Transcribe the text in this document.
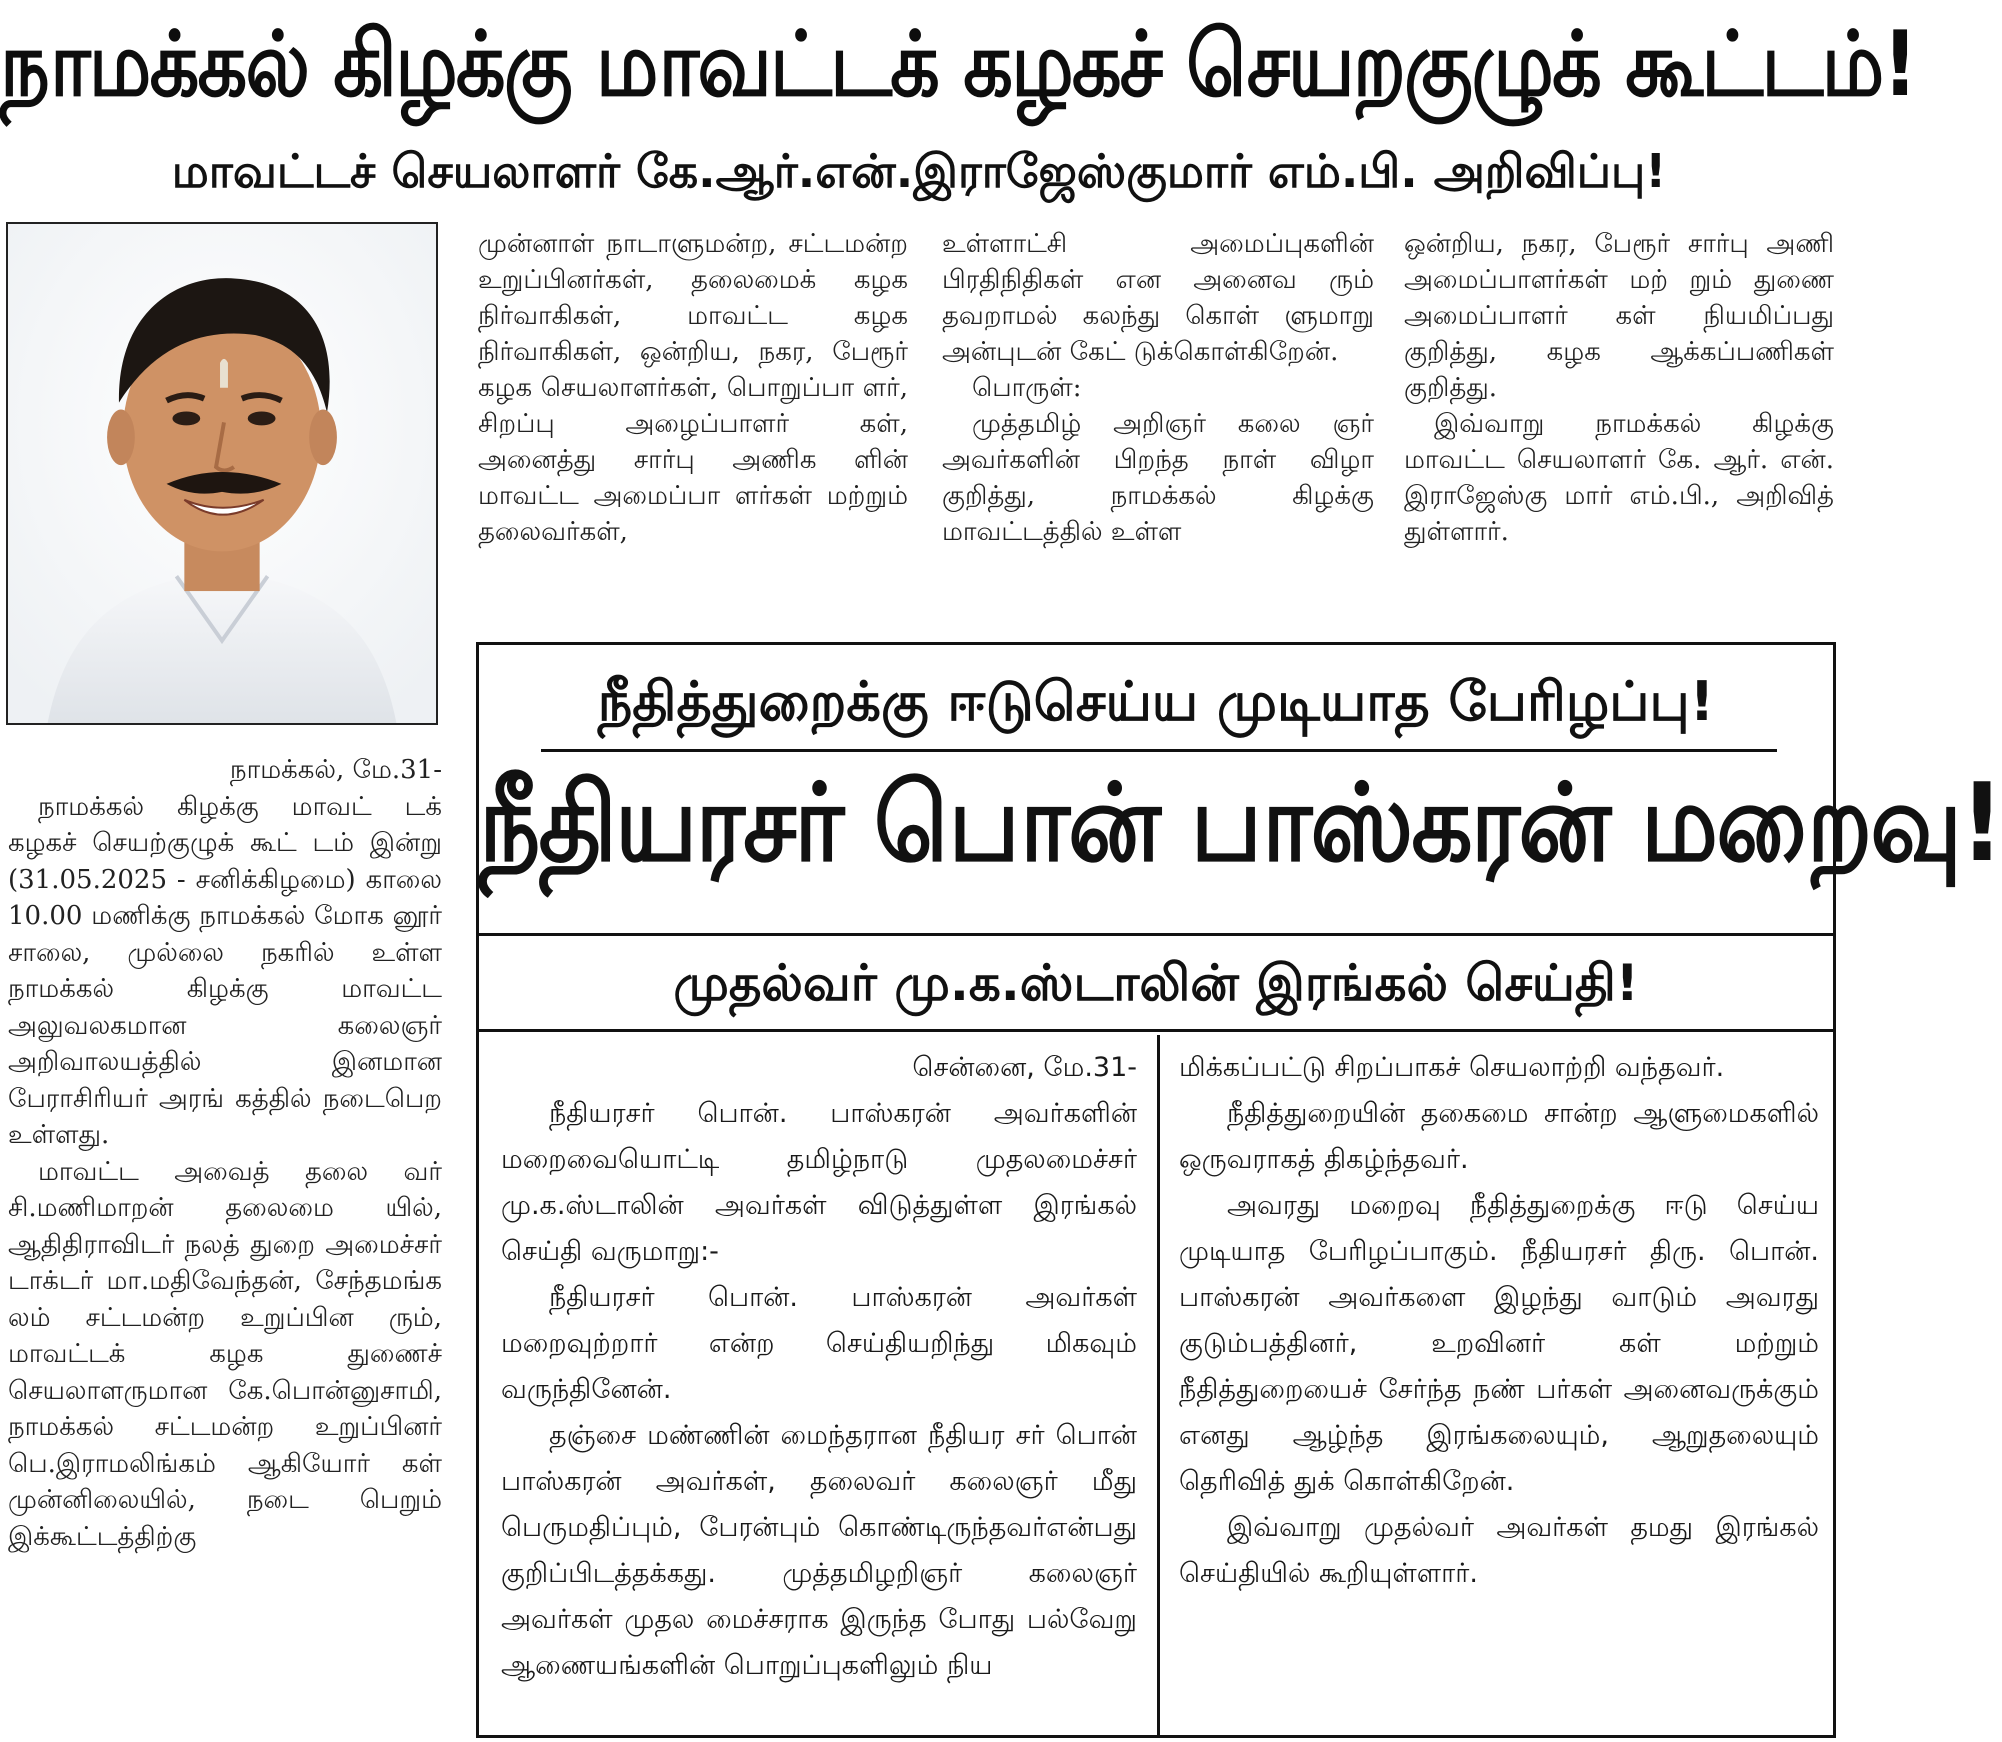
நாமக்கல் கிழக்கு மாவட்டக் கழகச் செயறகுழுக் கூட்டம்!
மாவட்டச் செயலாளர் கே.ஆர்.என்.இராஜேஸ்குமார் எம்.பி. அறிவிப்பு!

முன்னாள் நாடாளுமன்ற, சட்டமன்ற உறுப்பினர்கள், தலைமைக் கழக நிர்வாகிகள், மாவட்ட கழக நிர்வாகிகள், ஒன்றிய, நகர, பேரூர் கழக செயலாளர்கள், பொறுப்பா ளர், சிறப்பு அழைப்பாளர் கள், அனைத்து சார்பு அணிக ளின் மாவட்ட அமைப்பா ளர்கள் மற்றும் தலைவர்கள்,

உள்ளாட்சி அமைப்புகளின் பிரதிநிதிகள் என அனைவ ரும் தவறாமல் கலந்து கொள் ளுமாறு அன்புடன் கேட் டுக்கொள்கிறேன்.

பொருள்:

முத்தமிழ் அறிஞர் கலை ஞர் அவர்களின் பிறந்த நாள் விழா குறித்து, நாமக்கல் கிழக்கு மாவட்டத்தில் உள்ள

ஒன்றிய, நகர, பேரூர் சார்பு அணி அமைப்பாளர்கள் மற் றும் துணை அமைப்பாளர் கள் நியமிப்பது குறித்து, கழக ஆக்கப்பணிகள் குறித்து.

இவ்வாறு நாமக்கல் கிழக்கு மாவட்ட செயலாளர் கே. ஆர். என். இராஜேஸ்கு மார் எம்.பி., அறிவித் துள்ளார்.

நாமக்கல், மே.31-

நாமக்கல் கிழக்கு மாவட் டக் கழகச் செயற்குழுக் கூட் டம் இன்று (31.05.2025 - சனிக்கிழமை) காலை 10.00 மணிக்கு நாமக்கல் மோக னூர் சாலை, முல்லை நகரில் உள்ள நாமக்கல் கிழக்கு மாவட்ட அலுவலகமான கலைஞர் அறிவாலயத்தில் இனமான பேராசிரியர் அரங் கத்தில் நடைபெற உள்ளது.

மாவட்ட அவைத் தலை வர் சி.மணிமாறன் தலைமை யில், ஆதிதிராவிடர் நலத் துறை அமைச்சர் டாக்டர் மா.மதிவேந்தன், சேந்தமங்க லம் சட்டமன்ற உறுப்பின ரும், மாவட்டக் கழக துணைச் செயலாளருமான கே.பொன்னுசாமி, நாமக்கல் சட்டமன்ற உறுப்பினர் பெ.இராமலிங்கம் ஆகியோர் கள் முன்னிலையில், நடை பெறும் இக்கூட்டத்திற்கு

நீதித்துறைக்கு ஈடுசெய்ய முடியாத பேரிழப்பு!
நீதியரசர் பொன் பாஸ்கரன் மறைவு!
முதல்வர் மு.க.ஸ்டாலின் இரங்கல் செய்தி!

சென்னை, மே.31-

நீதியரசர் பொன். பாஸ்கரன் அவர்களின் மறைவையொட்டி தமிழ்நாடு முதலமைச்சர் மு.க.ஸ்டாலின் அவர்கள் விடுத்துள்ள இரங்கல் செய்தி வருமாறு:-

நீதியரசர் பொன். பாஸ்கரன் அவர்கள் மறைவுற்றார் என்ற செய்தியறிந்து மிகவும் வருந்தினேன்.

தஞ்சை மண்ணின் மைந்தரான நீதியர சர் பொன் பாஸ்கரன் அவர்கள், தலைவர் கலைஞர் மீது பெருமதிப்பும், பேரன்பும் கொண்டிருந்தவர்என்பது குறிப்பிடத்தக்கது. முத்தமிழறிஞர் கலைஞர் அவர்கள் முதல மைச்சராக இருந்த போது பல்வேறு ஆணையங்களின் பொறுப்புகளிலும் நிய

மிக்கப்பட்டு சிறப்பாகச் செயலாற்றி வந்தவர்.

நீதித்துறையின் தகைமை சான்ற ஆளுமைகளில் ஒருவராகத் திகழ்ந்தவர்.

அவரது மறைவு நீதித்துறைக்கு ஈடு செய்ய முடியாத பேரிழப்பாகும். நீதியரசர் திரு. பொன். பாஸ்கரன் அவர்களை இழந்து வாடும் அவரது குடும்பத்தினர், உறவினர் கள் மற்றும் நீதித்துறையைச் சேர்ந்த நண் பர்கள் அனைவருக்கும் எனது ஆழ்ந்த இரங்கலையும், ஆறுதலையும் தெரிவித் துக் கொள்கிறேன்.

இவ்வாறு முதல்வர் அவர்கள் தமது இரங்கல் செய்தியில் கூறியுள்ளார்.
